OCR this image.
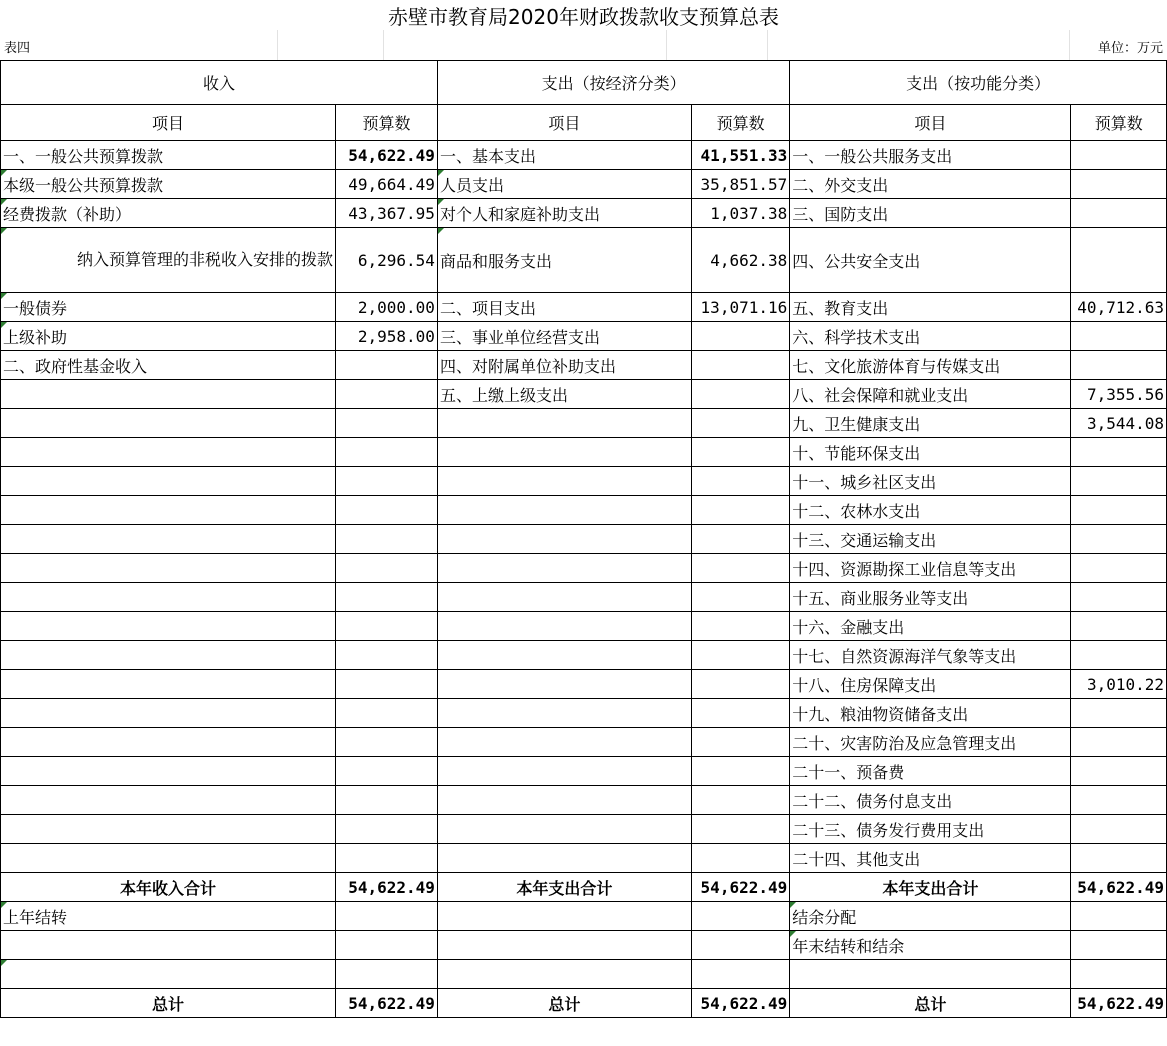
赤壁市教育局2020年财政拨款收支预算总表
表四	单位：万元
收入		支出（按经济分类）		支出（按功能分类）	
项目	预算数	项目	预算数	项目	预算数
一、一般公共预算拨款	54,622.49	一、基本支出	41,551.33	一、一般公共服务支出	
本级一般公共预算拨款	49,664.49	人员支出	35,851.57	二、外交支出	
经费拨款（补助）	43,367.95	对个人和家庭补助支出	1,037.38	三、国防支出	
纳入预算管理的非税收入安排的拨款	6,296.54	商品和服务支出	4,662.38	四、公共安全支出	
一般债券	2,000.00	二、项目支出	13,071.16	五、教育支出	40,712.63
上级补助	2,958.00	三、事业单位经营支出		六、科学技术支出	
二、政府性基金收入		四、对附属单位补助支出		七、文化旅游体育与传媒支出	
		五、上缴上级支出		八、社会保障和就业支出	7,355.56
				九、卫生健康支出	3,544.08
				十、节能环保支出	
				十一、城乡社区支出	
				十二、农林水支出	
				十三、交通运输支出	
				十四、资源勘探工业信息等支出	
				十五、商业服务业等支出	
				十六、金融支出	
				十七、自然资源海洋气象等支出	
				十八、住房保障支出	3,010.22
				十九、粮油物资储备支出	
				二十、灾害防治及应急管理支出	
				二十一、预备费	
				二十二、债务付息支出	
				二十三、债务发行费用支出	
				二十四、其他支出	
本年收入合计	54,622.49	本年支出合计	54,622.49	本年支出合计	54,622.49
上年结转				结余分配	
				年末结转和结余	

总计	54,622.49	总计	54,622.49	总计	54,622.49
